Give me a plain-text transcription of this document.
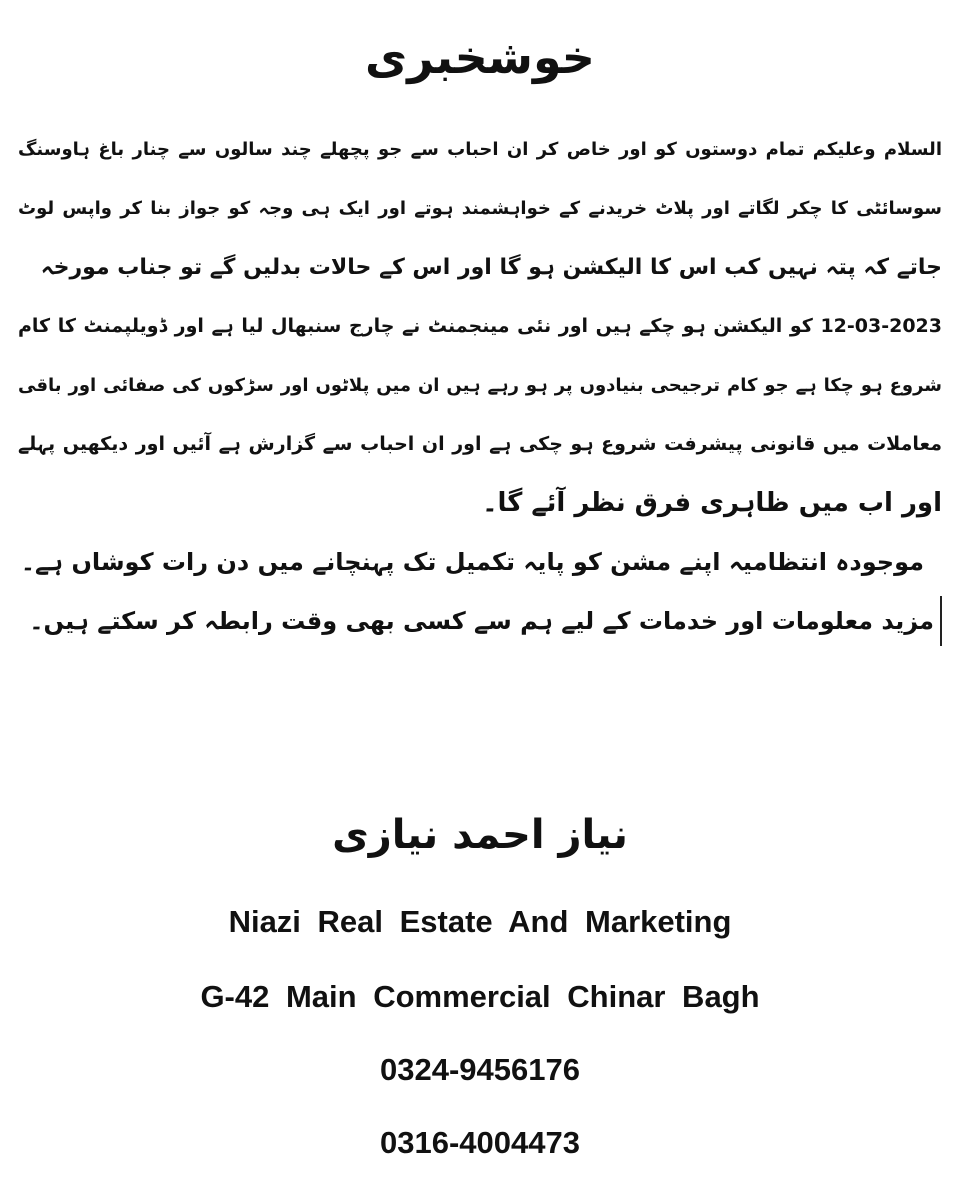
خوشخبری
السلام وعلیکم تمام دوستوں کو اور خاص کر ان احباب سے جو پچھلے چند سالوں سے چنار باغ ہاوسنگ
سوسائٹی کا چکر لگاتے اور پلاٹ خریدنے کے خواہشمند ہوتے اور ایک ہی وجہ کو جواز بنا کر واپس لوٹ
جاتے کہ پتہ نہیں کب اس کا الیکشن ہو گا اور اس کے حالات بدلیں گے تو جناب مورخہ
12-03-2023 کو الیکشن ہو چکے ہیں اور نئی مینجمنٹ نے چارج سنبھال لیا ہے اور ڈویلپمنٹ کا کام
شروع ہو چکا ہے جو کام ترجیحی بنیادوں پر ہو رہے ہیں ان میں پلاٹوں اور سڑکوں کی صفائی اور باقی
معاملات میں قانونی پیشرفت شروع ہو چکی ہے اور ان احباب سے گزارش ہے آئیں اور دیکھیں پہلے
اور اب میں ظاہری فرق نظر آئے گا۔
موجودہ انتظامیہ اپنے مشن کو پایہ تکمیل تک پہنچانے میں دن رات کوشاں ہے۔
مزید معلومات اور خدمات کے لیے ہم سے کسی بھی وقت رابطہ کر سکتے ہیں۔
نیاز احمد نیازی
Niazi Real Estate And Marketing
G-42 Main Commercial Chinar Bagh
0324-9456176
0316-4004473
